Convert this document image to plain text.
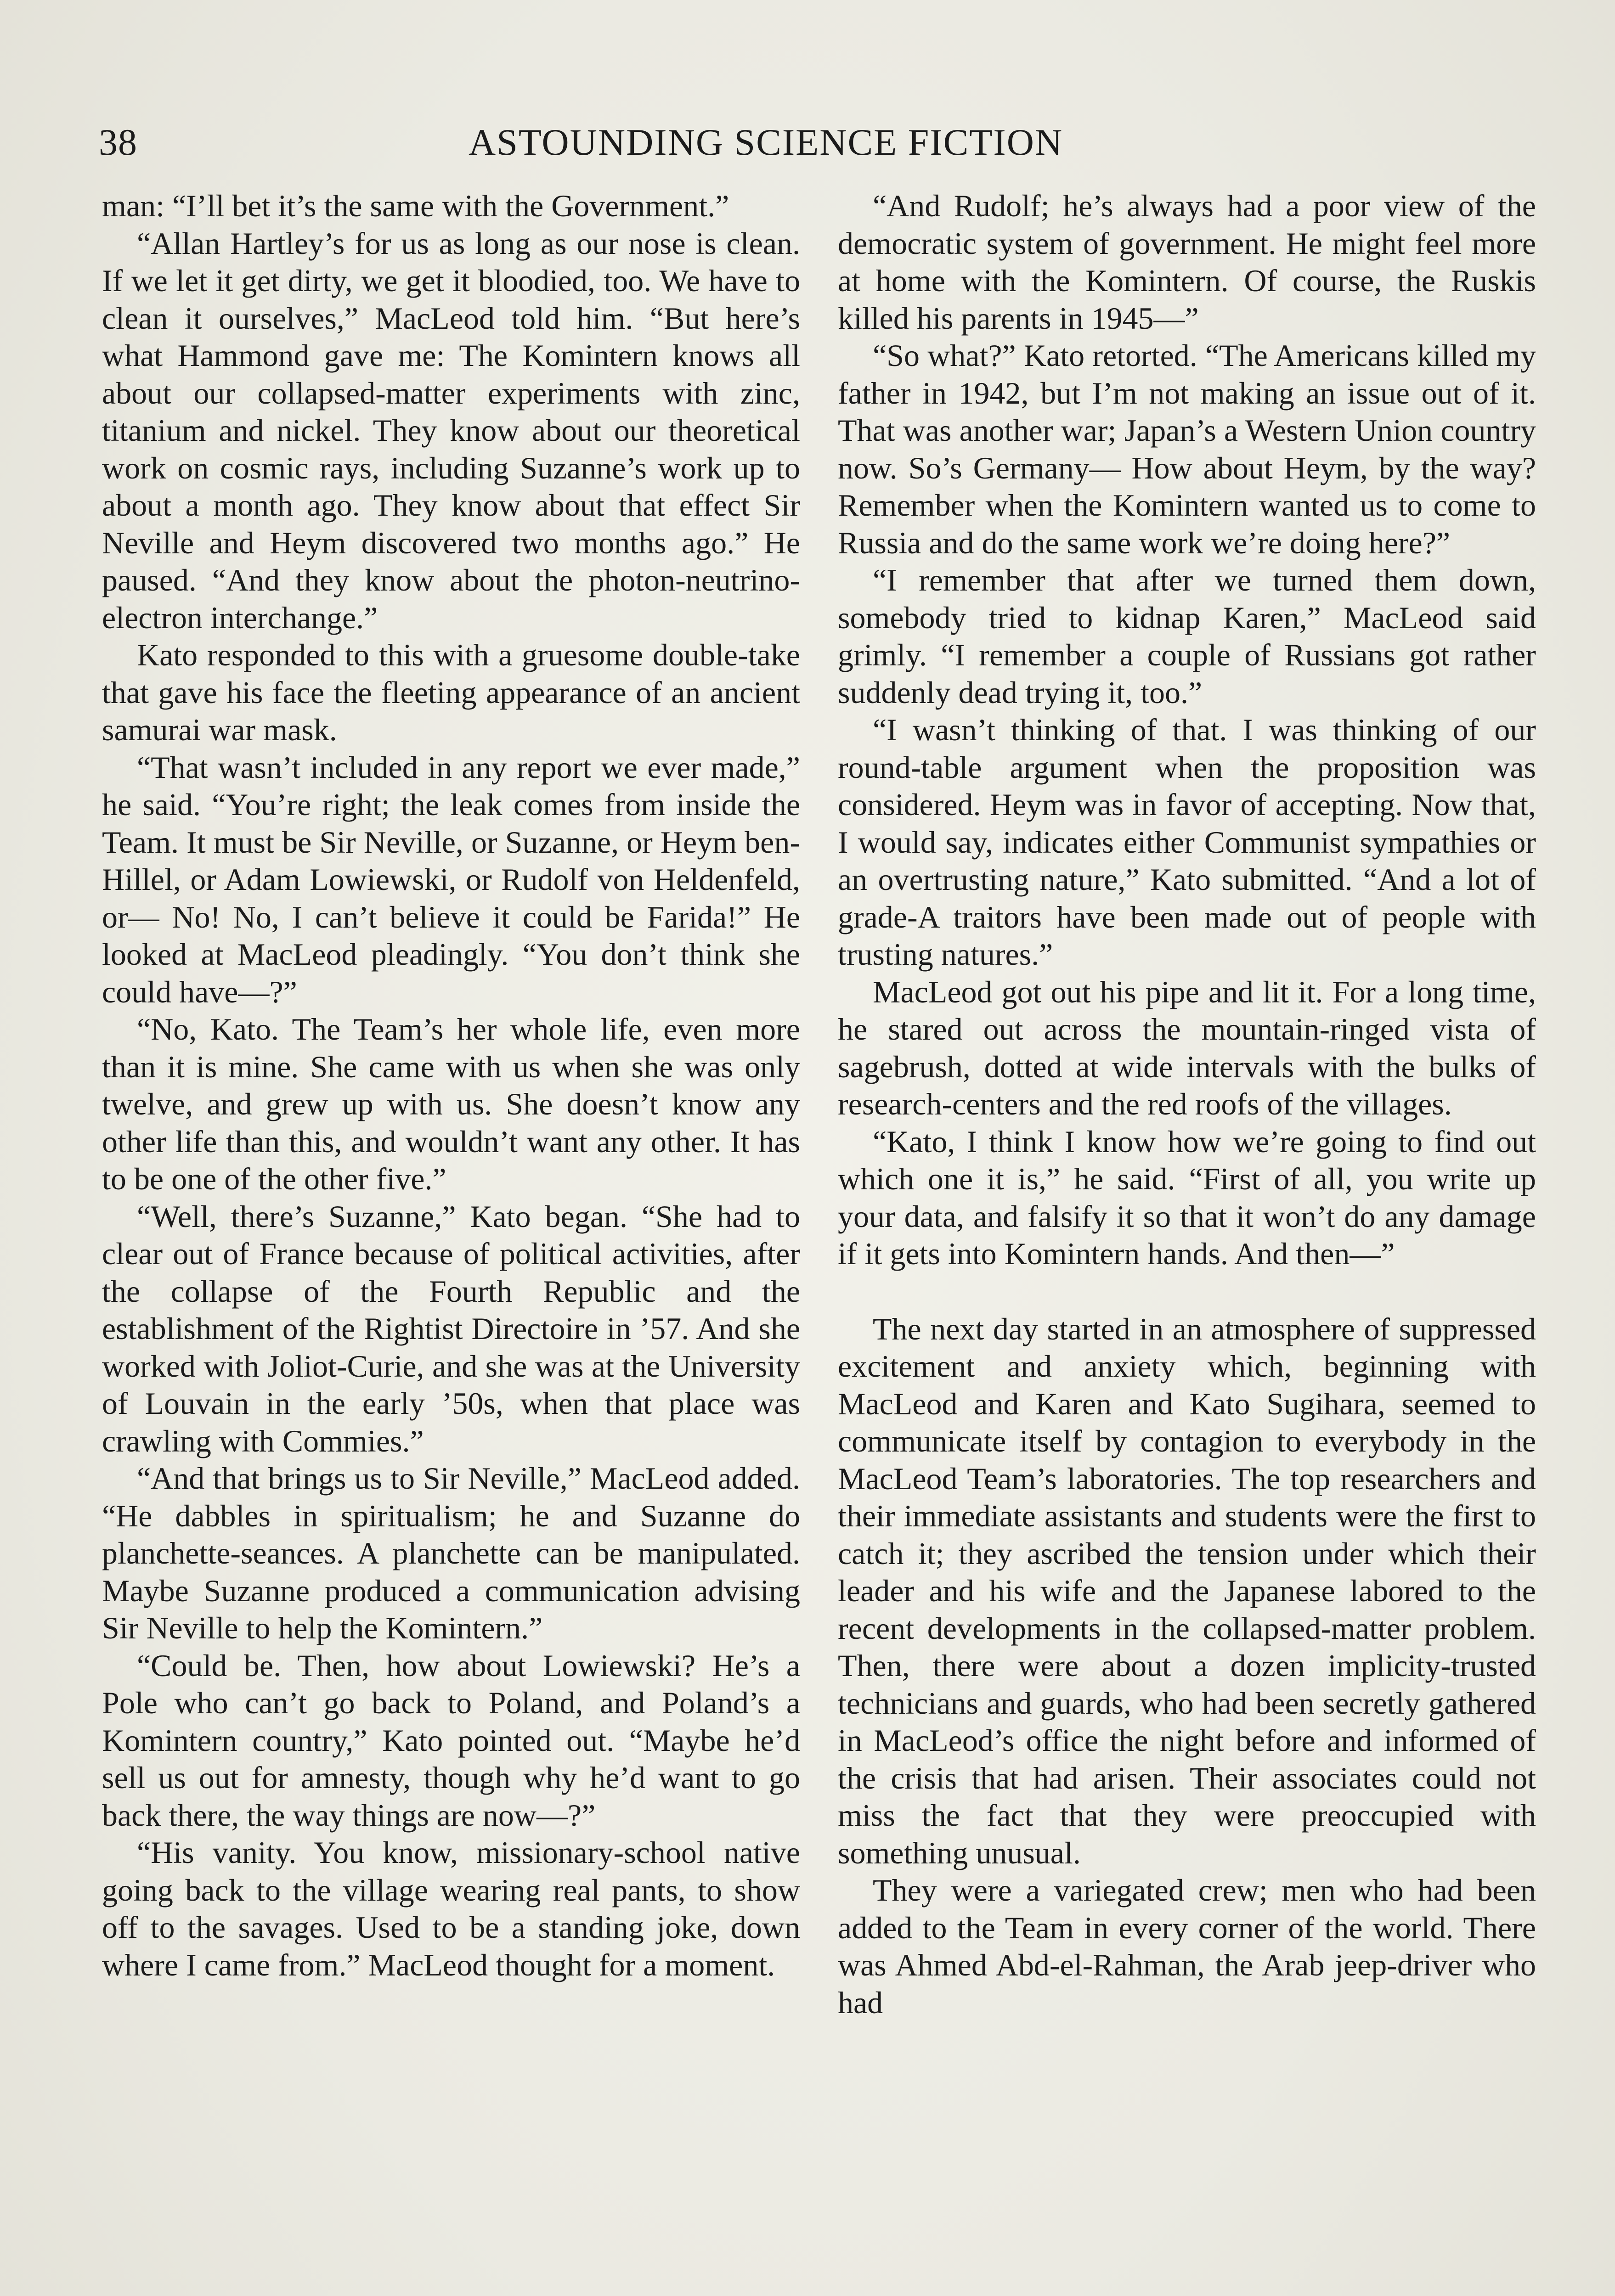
38	ASTOUNDING SCIENCE FICTION

man: “I’ll bet it’s the same with the Government.”

“Allan Hartley’s for us as long as our nose is clean. If we let it get dirty, we get it bloodied, too. We have to clean it ourselves,” MacLeod told him. “But here’s what Hammond gave me: The Komintern knows all about our collapsed-matter experiments with zinc, titanium and nickel. They know about our theoretical work on cosmic rays, including Suzanne’s work up to about a month ago. They know about that effect Sir Neville and Heym discovered two months ago.” He paused. “And they know about the photon-neutrino-electron interchange.”

Kato responded to this with a gruesome double-take that gave his face the fleeting appearance of an ancient samurai war mask.

“That wasn’t included in any report we ever made,” he said. “You’re right; the leak comes from inside the Team. It must be Sir Neville, or Suzanne, or Heym ben-Hillel, or Adam Lowiewski, or Rudolf von Heldenfeld, or— No! No, I can’t believe it could be Farida!” He looked at MacLeod pleadingly. “You don’t think she could have—?”

“No, Kato. The Team’s her whole life, even more than it is mine. She came with us when she was only twelve, and grew up with us. She doesn’t know any other life than this, and wouldn’t want any other. It has to be one of the other five.”

“Well, there’s Suzanne,” Kato began. “She had to clear out of France because of political activities, after the collapse of the Fourth Republic and the establishment of the Rightist Directoire in ’57. And she worked with Joliot-Curie, and she was at the University of Louvain in the early ’50s, when that place was crawling with Commies.”

“And that brings us to Sir Neville,” MacLeod added. “He dabbles in spiritualism; he and Suzanne do planchette-seances. A planchette can be manipulated. Maybe Suzanne produced a communication advising Sir Neville to help the Komintern.”

“Could be. Then, how about Lowiewski? He’s a Pole who can’t go back to Poland, and Poland’s a Komintern country,” Kato pointed out. “Maybe he’d sell us out for amnesty, though why he’d want to go back there, the way things are now—?”

“His vanity. You know, missionary-school native going back to the village wearing real pants, to show off to the savages. Used to be a standing joke, down where I came from.” MacLeod thought for a moment.

“And Rudolf; he’s always had a poor view of the democratic system of government. He might feel more at home with the Komintern. Of course, the Ruskis killed his parents in 1945—”

“So what?” Kato retorted. “The Americans killed my father in 1942, but I’m not making an issue out of it. That was another war; Japan’s a Western Union country now. So’s Germany— How about Heym, by the way? Remember when the Komintern wanted us to come to Russia and do the same work we’re doing here?”

“I remember that after we turned them down, somebody tried to kidnap Karen,” MacLeod said grimly. “I remember a couple of Russians got rather suddenly dead trying it, too.”

“I wasn’t thinking of that. I was thinking of our round-table argument when the proposition was considered. Heym was in favor of accepting. Now that, I would say, indicates either Communist sympathies or an overtrusting nature,” Kato submitted. “And a lot of grade-A traitors have been made out of people with trusting natures.”

MacLeod got out his pipe and lit it. For a long time, he stared out across the mountain-ringed vista of sagebrush, dotted at wide intervals with the bulks of research-centers and the red roofs of the villages.

“Kato, I think I know how we’re going to find out which one it is,” he said. “First of all, you write up your data, and falsify it so that it won’t do any damage if it gets into Komintern hands. And then—”

The next day started in an atmosphere of suppressed excitement and anxiety which, beginning with MacLeod and Karen and Kato Sugihara, seemed to communicate itself by contagion to everybody in the MacLeod Team’s laboratories. The top researchers and their immediate assistants and students were the first to catch it; they ascribed the tension under which their leader and his wife and the Japanese labored to the recent developments in the collapsed-matter problem. Then, there were about a dozen implicity-trusted technicians and guards, who had been secretly gathered in MacLeod’s office the night before and informed of the crisis that had arisen. Their associates could not miss the fact that they were preoccupied with something unusual.

They were a variegated crew; men who had been added to the Team in every corner of the world. There was Ahmed Abd-el-Rahman, the Arab jeep-driver who had
